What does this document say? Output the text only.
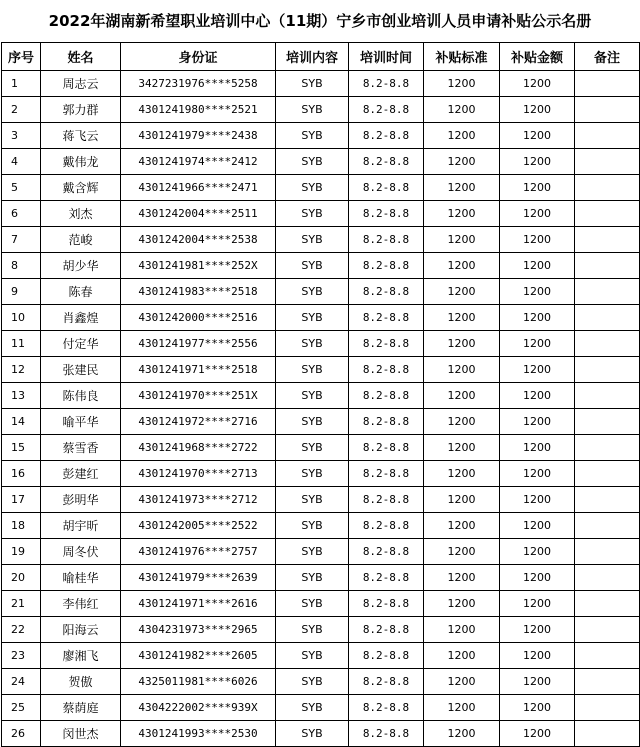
2022年湖南新希望职业培训中心（11期）宁乡市创业培训人员申请补贴公示名册
序号	姓名	身份证	培训内容	培训时间	补贴标准	补贴金额	备注
1	周志云	3427231976****5258	SYB	8.2-8.8	1200	1200	
2	郭力群	4301241980****2521	SYB	8.2-8.8	1200	1200	
3	蒋飞云	4301241979****2438	SYB	8.2-8.8	1200	1200	
4	戴伟龙	4301241974****2412	SYB	8.2-8.8	1200	1200	
5	戴含辉	4301241966****2471	SYB	8.2-8.8	1200	1200	
6	刘杰	4301242004****2511	SYB	8.2-8.8	1200	1200	
7	范峻	4301242004****2538	SYB	8.2-8.8	1200	1200	
8	胡少华	4301241981****252X	SYB	8.2-8.8	1200	1200	
9	陈春	4301241983****2518	SYB	8.2-8.8	1200	1200	
10	肖鑫煌	4301242000****2516	SYB	8.2-8.8	1200	1200	
11	付定华	4301241977****2556	SYB	8.2-8.8	1200	1200	
12	张建民	4301241971****2518	SYB	8.2-8.8	1200	1200	
13	陈伟良	4301241970****251X	SYB	8.2-8.8	1200	1200	
14	喻平华	4301241972****2716	SYB	8.2-8.8	1200	1200	
15	蔡雪香	4301241968****2722	SYB	8.2-8.8	1200	1200	
16	彭建红	4301241970****2713	SYB	8.2-8.8	1200	1200	
17	彭明华	4301241973****2712	SYB	8.2-8.8	1200	1200	
18	胡宇昕	4301242005****2522	SYB	8.2-8.8	1200	1200	
19	周冬伏	4301241976****2757	SYB	8.2-8.8	1200	1200	
20	喻桂华	4301241979****2639	SYB	8.2-8.8	1200	1200	
21	李伟红	4301241971****2616	SYB	8.2-8.8	1200	1200	
22	阳海云	4304231973****2965	SYB	8.2-8.8	1200	1200	
23	廖湘飞	4301241982****2605	SYB	8.2-8.8	1200	1200	
24	贺傲	4325011981****6026	SYB	8.2-8.8	1200	1200	
25	蔡荫庭	4304222002****939X	SYB	8.2-8.8	1200	1200	
26	闵世杰	4301241993****2530	SYB	8.2-8.8	1200	1200	
